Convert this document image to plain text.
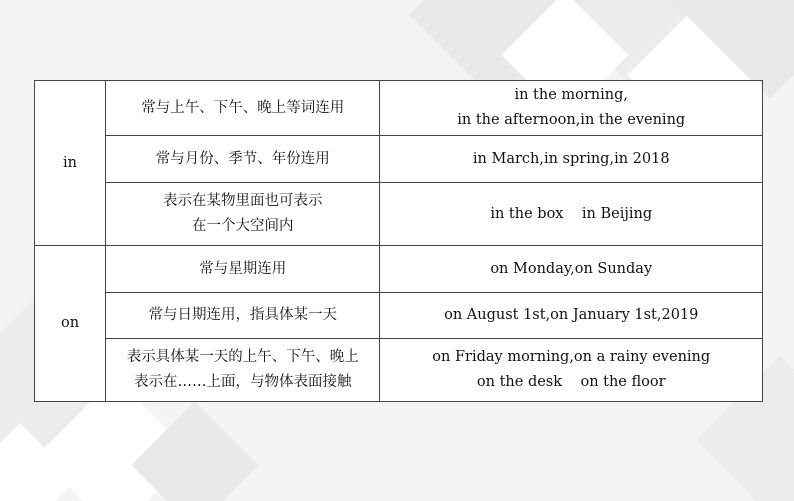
in	常与上午、下午、晚上等词连用	in the morning,
in the afternoon,in the evening

	常与月份、季节、年份连用	in March,in spring,in 2018

	表示在某物里面也可表示
在一个大空间内	in the box    in Beijing

on	常与星期连用	on Monday,on Sunday

	常与日期连用，指具体某一天	on August 1st,on January 1st,2019

	表示具体某一天的上午、下午、晚上
表示在……上面，与物体表面接触	on Friday morning,on a rainy evening
on the desk    on the floor
